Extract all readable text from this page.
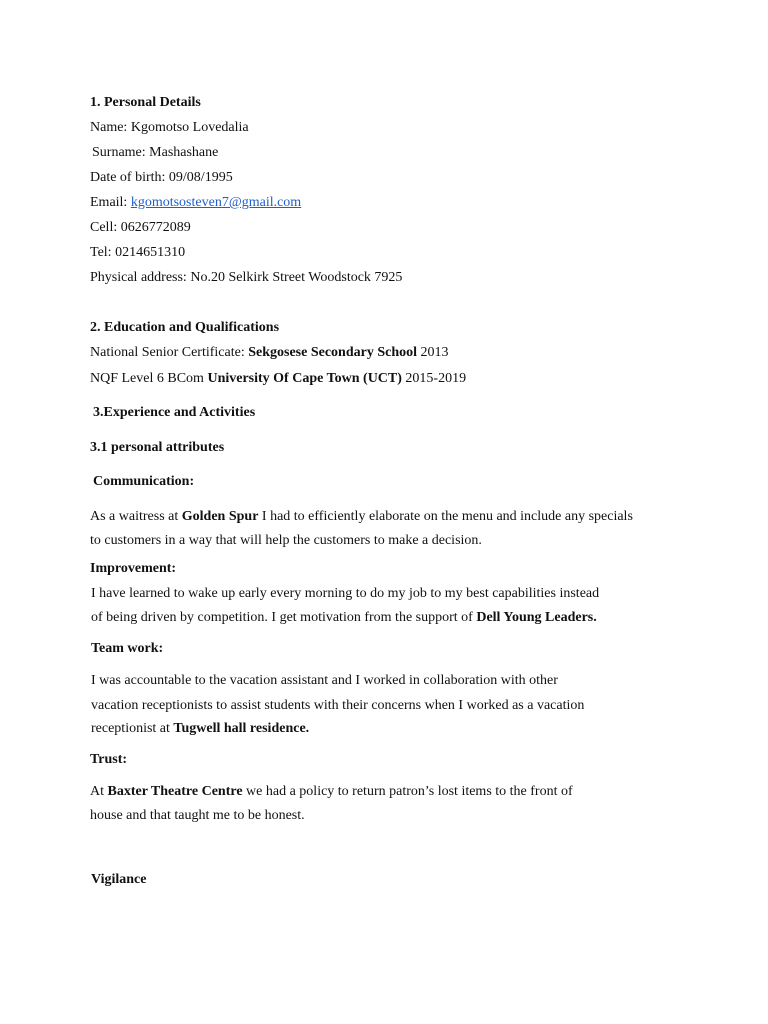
1. Personal Details
Name: Kgomotso Lovedalia
Surname: Mashashane
Date of birth: 09/08/1995
Email: kgomotsosteven7@gmail.com
Cell: 0626772089
Tel: 0214651310
Physical address: No.20 Selkirk Street Woodstock 7925
2. Education and Qualifications
National Senior Certificate: Sekgosese Secondary School 2013
NQF Level 6 BCom University Of Cape Town (UCT) 2015-2019
3.Experience and Activities
3.1 personal attributes
Communication:
As a waitress at Golden Spur I had to efficiently elaborate on the menu and include any specials
to customers in a way that will help the customers to make a decision.
Improvement:
I have learned to wake up early every morning to do my job to my best capabilities instead
of being driven by competition. I get motivation from the support of Dell Young Leaders.
Team work:
I was accountable to the vacation assistant and I worked in collaboration with other
vacation receptionists to assist students with their concerns when I worked as a vacation
receptionist at Tugwell hall residence.
Trust:
At Baxter Theatre Centre we had a policy to return patron’s lost items to the front of
house and that taught me to be honest.
Vigilance
